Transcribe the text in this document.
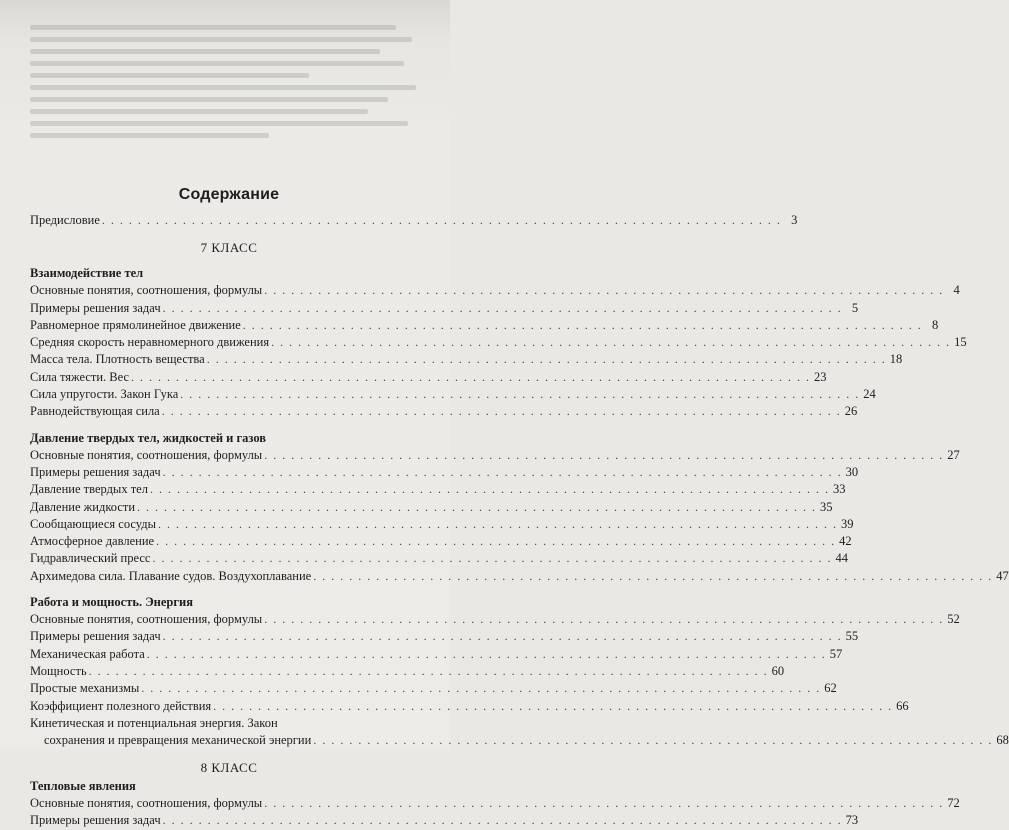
Содержание
Предисловие . . .	3
7 КЛАСС
Взаимодействие тел
Основные понятия, соотношения, формулы . . .	4
Примеры решения задач . . .	5
Равномерное прямолинейное движение . . .	8
Средняя скорость неравномерного движения . . .	15
Масса тела. Плотность вещества . . .	18
Сила тяжести. Вес . . .	23
Сила упругости. Закон Гука . . .	24
Равнодействующая сила . . .	26
Давление твердых тел, жидкостей и газов
Основные понятия, соотношения, формулы . . .	27
Примеры решения задач . . .	30
Давление твердых тел . . .	33
Давление жидкости . . .	35
Сообщающиеся сосуды . . .	39
Атмосферное давление . . .	42
Гидравлический пресс . . .	44
Архимедова сила. Плавание судов. Воздухоплавание . . .	47
Работа и мощность. Энергия
Основные понятия, соотношения, формулы . . .	52
Примеры решения задач . . .	55
Механическая работа . . .	57
Мощность . . .	60
Простые механизмы . . .	62
Коэффициент полезного действия . . .	66
Кинетическая и потенциальная энергия. Закон
сохранения и превращения механической энергии . . .	68
8 КЛАСС
Тепловые явления
Основные понятия, соотношения, формулы . . .	72
Примеры решения задач . . .	73
